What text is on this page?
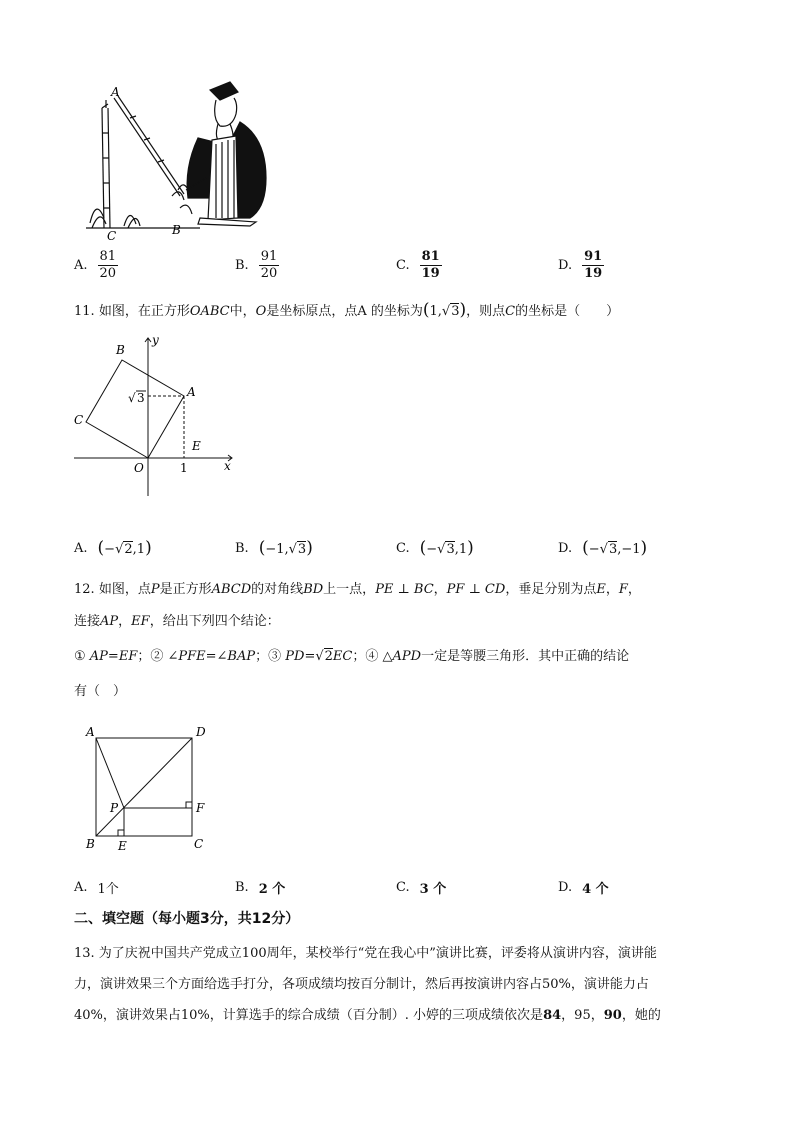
A
C	B
A. $\frac{81}{20}$	B. $\frac{91}{20}$	C. $\frac{81}{19}$	D. $\frac{91}{19}$
11. 如图，在正方形OABC中，O是坐标原点，点A 的坐标为(1,√3)，则点C的坐标是（　　）
B
C
A
O
E
1	x
y
√ 3
A. (−√2,1)	B. (−1,√3)	C. (−√3,1)	D. (−√3,−1)
12. 如图，点P是正方形ABCD的对角线BD上一点，PE ⊥ BC，PF ⊥ CD，垂足分别为点E，F，
连接AP，EF，给出下列四个结论：
① AP=EF；② ∠PFE=∠BAP；③ PD=√2EC；④ △APD一定是等腰三角形．其中正确的结论
有（　）
A	D
B	C
P
E
F
A. 1个	B. 2 个	C. 3 个	D. 4 个
二、填空题（每小题3分，共12分）
13. 为了庆祝中国共产党成立100周年，某校举行“党在我心中”演讲比赛，评委将从演讲内容，演讲能
力，演讲效果三个方面给选手打分，各项成绩均按百分制计，然后再按演讲内容占50%，演讲能力占
40%，演讲效果占10%，计算选手的综合成绩（百分制）. 小婷的三项成绩依次是84，95，90，她的
